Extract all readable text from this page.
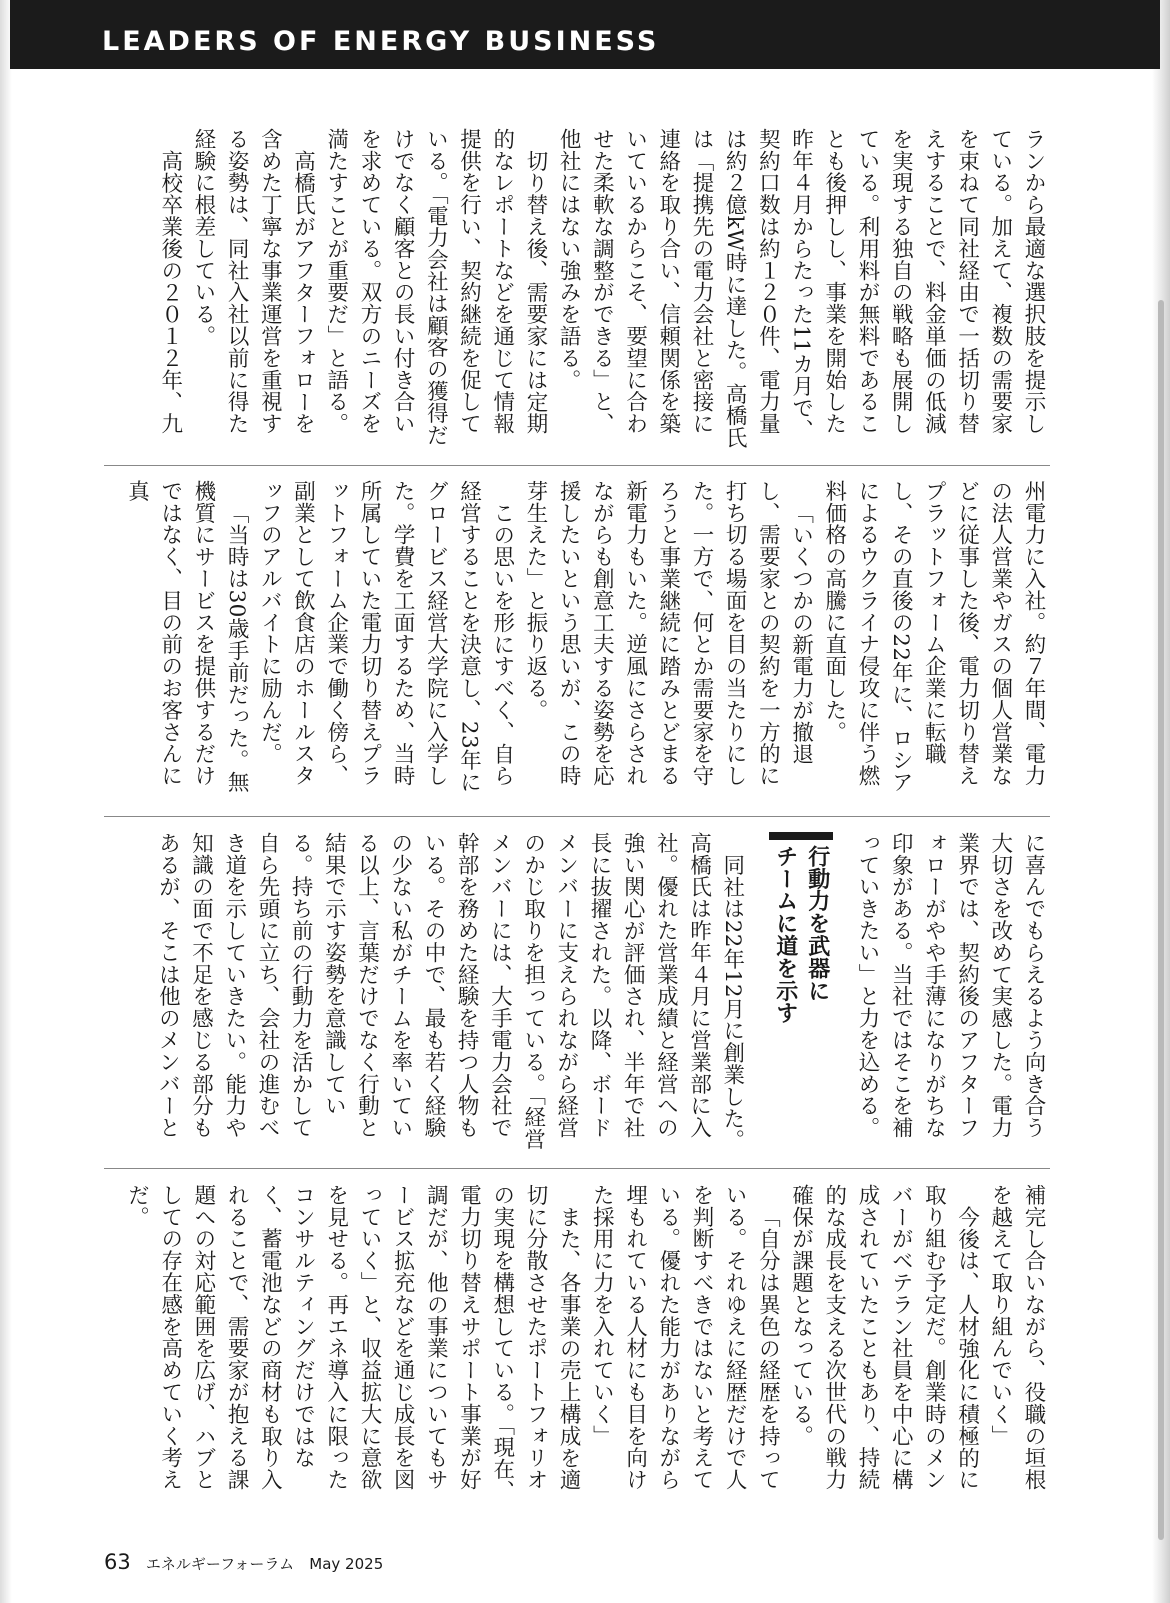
LEADERS OF ENERGY BUSINESS

ランから最適な選択肢を提示している。加えて、複数の需要家を束ねて同社経由で一括切り替えすることで、料金単価の低減を実現する独自の戦略も展開している。利用料が無料であることも後押しし、事業を開始した昨年４月からたった11カ月で、契約口数は約１２０件、電力量は約２億kW時に達した。高橋氏は「提携先の電力会社と密接に連絡を取り合い、信頼関係を築いているからこそ、要望に合わせた柔軟な調整ができる」と、他社にはない強みを語る。

切り替え後、需要家には定期的なレポートなどを通じて情報提供を行い、契約継続を促している。「電力会社は顧客の獲得だけでなく顧客との長い付き合いを求めている。双方のニーズを満たすことが重要だ」と語る。

高橋氏がアフターフォローを含めた丁寧な事業運営を重視する姿勢は、同社入社以前に得た経験に根差している。

高校卒業後の２０１２年、九

州電力に入社。約７年間、電力の法人営業やガスの個人営業などに従事した後、電力切り替えプラットフォーム企業に転職し、その直後の22年に、ロシアによるウクライナ侵攻に伴う燃料価格の高騰に直面した。

「いくつかの新電力が撤退し、需要家との契約を一方的に打ち切る場面を目の当たりにした。一方で、何とか需要家を守ろうと事業継続に踏みとどまる新電力もいた。逆風にさらされながらも創意工夫する姿勢を応援したいという思いが、この時芽生えた」と振り返る。

この思いを形にすべく、自ら経営することを決意し、23年にグロービス経営大学院に入学した。学費を工面するため、当時所属していた電力切り替えプラットフォーム企業で働く傍ら、副業として飲食店のホールスタッフのアルバイトに励んだ。

「当時は30歳手前だった。無機質にサービスを提供するだけではなく、目の前のお客さんに真

に喜んでもらえるよう向き合う大切さを改めて実感した。電力業界では、契約後のアフターフォローがやや手薄になりがちな印象がある。当社ではそこを補っていきたい」と力を込める。

行動力を武器に
チームに道を示す

同社は22年12月に創業した。高橋氏は昨年４月に営業部に入社。優れた営業成績と経営への強い関心が評価され、半年で社長に抜擢された。以降、ボードメンバーに支えられながら経営のかじ取りを担っている。「経営メンバーには、大手電力会社で幹部を務めた経験を持つ人物もいる。その中で、最も若く経験の少ない私がチームを率いている以上、言葉だけでなく行動と結果で示す姿勢を意識している。持ち前の行動力を活かして自ら先頭に立ち、会社の進むべき道を示していきたい。能力や知識の面で不足を感じる部分もあるが、そこは他のメンバーと

補完し合いながら、役職の垣根を越えて取り組んでいく」

今後は、人材強化に積極的に取り組む予定だ。創業時のメンバーがベテラン社員を中心に構成されていたこともあり、持続的な成長を支える次世代の戦力確保が課題となっている。

「自分は異色の経歴を持っている。それゆえに経歴だけで人を判断すべきではないと考えている。優れた能力がありながら埋もれている人材にも目を向けた採用に力を入れていく」

また、各事業の売上構成を適切に分散させたポートフォリオの実現を構想している。「現在、電力切り替えサポート事業が好調だが、他の事業についてもサービス拡充などを通じ成長を図っていく」と、収益拡大に意欲を見せる。再エネ導入に限ったコンサルティングだけではなく、蓄電池などの商材も取り入れることで、需要家が抱える課題への対応範囲を広げ、ハブとしての存在感を高めていく考えだ。

63 エネルギーフォーラム May 2025
